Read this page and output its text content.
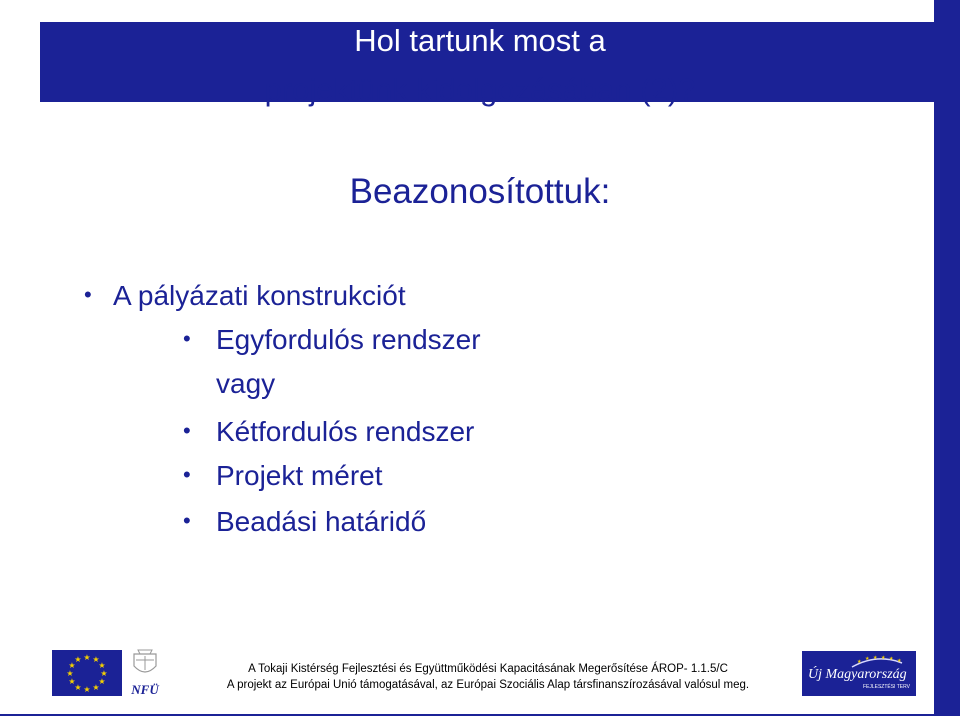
Hol tartunk most a
projektünk kidolgozásában (2)?
Beazonosítottuk:
• A pályázati konstrukciót
• Egyfordulós rendszer
vagy
• Kétfordulós rendszer
• Projekt méret
• Beadási határidő
★ ★
★
★
★
★
★
★
★
★
★
★
NFÜ
A Tokaji Kistérség Fejlesztési és Együttműködési Kapacitásának Megerősítése ÁROP- 1.1.5/C
A projekt az Európai Unió támogatásával, az Európai Szociális Alap társfinanszírozásával valósul meg.
★ ★ ★ ★ ★ ★
Új Magyarország
FEJLESZTÉSI TERV
